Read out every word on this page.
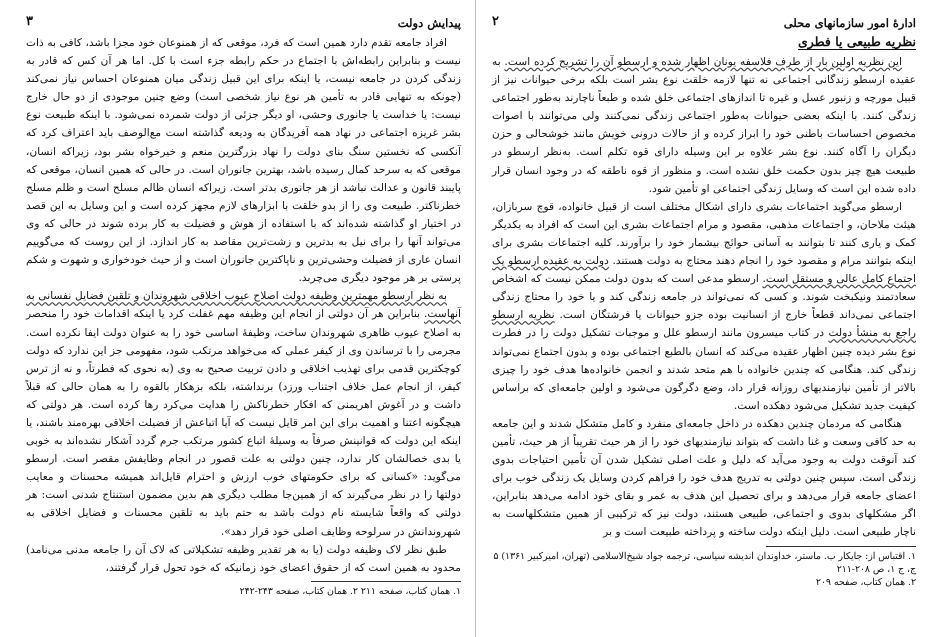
پیدایش دولت
۳

افراد جامعه تقدم دارد همین است که فرد، موقعی که از همنوعان خود مجزا باشد، کافی به ذات نیست و بنابراین رابطه‌اش با اجتماع در حکم رابطه جزء است با کل. اما هر آن کس که قادر به زندگی کردن در جامعه نیست، یا اینکه برای این قبیل زندگی میان همنوعان احساس نیاز نمی‌کند (چونکه به تنهایی قادر به تأمین هر نوع نیاز شخصی است) وضع چنین موجودی از دو حال خارج نیست: یا خداست یا جانوری وحشی، او دیگر جزئی از دولت شمرده نمی‌شود. با اینکه طبیعت نوع بشر غریزه اجتماعی در نهاد همه آفریدگان به ودیعه گذاشته است مع‌الوصف باید اعتراف کرد که آنکسی که نخستین سنگ بنای دولت را نهاد بزرگترین منعم و خیرخواه بشر بود، زیراکه انسان، موقعی که به سرحد کمال رسیده باشد، بهترین جانوران است. در حالی که همین انسان، موقعی که پایبند قانون و عدالت نباشد از هر جانوری بدتر است. زیراکه انسان ظالم مسلح است و ظلم مسلح خطرناکتر. طبیعت وی را از بدو خلقت با ابزارهای لازم مجهز کرده است و این وسایل به این قصد در اختیار او گذاشته شده‌اند که با استفاده از هوش و فضیلت به کار برده شوند در حالی که وی می‌تواند آنها را برای نیل به بدترین و زشت‌ترین مقاصد به کار اندازد. از این روست که می‌گوییم انسان عاری از فضیلت وحشی‌ترین و ناپاکترین جانوران است و از حیث خودخواری و شهوت و شکم پرستی بر هر موجود دیگری می‌چربد.

به نظر ارسطو مهمترین وظیفه دولت اصلاح عیوب اخلاقی شهروندان و تلقین فضایل نفسانی به آنهاست. بنابراین هر آن دولتی از انجام این وظیفه مهم غفلت کرد یا اینکه اقدامات خود را منحصر به اصلاح عیوب ظاهری شهروندان ساخت، وظیفهٔ اساسی خود را به عنوان دولت ایفا نکرده است. مجرمی را با ترساندن وی از کیفر عملی که می‌خواهد مرتکب شود، مفهومی جز این ندارد که دولت کوچکترین قدمی برای تهذیب اخلاقی و دادن تربیت صحیح به وی (به نحوی که فطرتاً، و نه از ترس کیفر، از انجام عمل خلاف اجتناب ورزد) برنداشته، بلکه بزهکار بالقوه را به همان حالی که قبلاً داشت و در آغوش اهریمنی که افکار خطرناکش را هدایت می‌کرد رها کرده است. هر دولتی که هیچگونه اعتنا و اهمیت برای این امر قایل نیست که آیا اتباعش از فضیلت اخلاقی بهره‌مند باشند، یا اینکه این دولت که قوانینش صرفاً به وسیلهٔ اتباع کشور مرتکب جرم گردد آشکار نشده‌اند به خوبی یا بدی خصالشان کار ندارد، چنین دولتی به علت قصور در انجام وظایفش مقصر است. ارسطو می‌گوید: «کسانی که برای حکومتهای خوب ارزش و احترام قایل‌اند همیشه محسنات و معایب دولتها را در نظر می‌گیرند که از همین‌جا مطلب دیگری هم بدین مضمون استنتاج شدنی است: هر دولتی که واقعاً شایسته نام دولت باشد به حتم باید به تلقین محسنات و فضایل اخلاقی به شهروندانش در سرلوحه وظایف اصلی خود قرار دهد».

طبق نظر لاک وظیفه دولت (یا به هر تقدیر وظیفه تشکیلاتی که لاک آن را جامعه مدنی می‌نامد) محدود به همین است که از حقوق اعضای خود زمانیکه که خود تحول قرار گرفتند،

۱. همان کتاب، صفحه ۲۱۱ ۲. همان کتاب، صفحه ۲۴۳-۲۴۲
ادارهٔ امور سازمانهای محلی
۲
نظریه طبیعی یا فطری

این نظریه اولین بار از طرف فلاسفه یونان اظهار شده و ارسطو آن را تشریح کرده است. به عقیده ارسطو زندگانی اجتماعی نه تنها لازمه خلقت نوع بشر است بلکه برخی حیوانات نیز از قبیل مورچه و زنبور عسل و غیره تا اندازهای اجتماعی خلق شده و طبعاً ناچارند به‌طور اجتماعی زندگی کنند. با اینکه بعضی حیوانات به‌طور اجتماعی زندگی نمی‌کنند ولی می‌توانند با اصوات مخصوص احساسات باطنی خود را ابراز کرده و از حالات درونی خویش مانند خوشحالی و حزن دیگران را آگاه کنند. نوع بشر علاوه بر این وسیله دارای قوه تکلم است. به‌نظر ارسطو در طبیعت هیچ چیز بدون حکمت خلق نشده است. و منظور از قوه ناطقه که در وجود انسان قرار داده شده این است که وسایل زندگی اجتماعی او تأمین شود.

ارسطو می‌گوید اجتماعات بشری دارای اشکال مختلف است از قبیل خانواده، قوچ سربازان، هیئت ملاحان، و اجتماعات مذهبی، مقصود و مرام اجتماعات بشری این است که افراد به یکدیگر کمک و یاری کنند تا بتوانند به آسانی حوائج بیشمار خود را برآورند. کلیه اجتماعات بشری برای اینکه بتوانند مرام و مقصود خود را انجام دهند محتاج به دولت هستند. دولت به عقیده ارسطو یک اجتماع کامل عالی و مستقل است. ارسطو مدعی است که بدون دولت ممکن نیست که اشخاص سعادتمند ونیکبخت شوند. و کسی که نمی‌تواند در جامعه زندگی کند و یا خود را محتاج زندگی اجتماعی نمی‌داند قطعاً خارج از انسانیت بوده جزو حیوانات یا فرشتگان است. نظریه ارسطو راجع به منشأ دولت در کتاب میسرون مانند ارسطو علل و موجبات تشکیل دولت را در فطرت نوع بشر دیده چنین اظهار عقیده می‌کند که انسان بالطبع اجتماعی بوده و بدون اجتماع نمی‌تواند زندگی کند. هنگامی که چندین خانواده با هم متحد شدند و انجمن خانواده‌ها هدف خود را چیزی بالاتر از تأمین نیازمندیهای روزانه قرار داد، وضع دگرگون می‌شود و اولین جامعه‌ای که براساس کیفیت جدید تشکیل می‌شود دهکده است.

هنگامی که مردمان چندین دهکده در داخل جامعه‌ای منفرد و کامل متشکل شدند و این جامعه به حد کافی وسعت و غنا داشت که بتواند نیازمندیهای خود را از هر حیث تقریباً از هر حیث، تأمین کند آنوقت دولت به وجود می‌آید که دلیل و علت اصلی تشکیل شدن آن تأمین احتیاجات بدوی زندگی است. سپس چنین دولتی به تدریج هدف خود را فراهم کردن وسایل یک زندگی خوب برای اعضای جامعه قرار می‌دهد و برای تحصیل این هدف به عمر و بقای خود ادامه می‌دهد بنابراین، اگر مشکلهای بدوی و اجتماعی، طبیعی هستند، دولت نیز که ترکیبی از همین متشکلهاست به ناچار طبیعی است. دلیل اینکه دولت ساخته و پرداخته طبیعت است و بر

۱. اقتباس از: جایکار ب. ماستر، خداوندان اندیشه سیاسی، ترجمه جواد شیخ‌الاسلامی (تهران، امیرکبیر ۱۳۶۱) ۵ ج، ج ۱، ص ۲۰۸-۲۱۱
۲. همان کتاب، صفحه ۲۰۹
